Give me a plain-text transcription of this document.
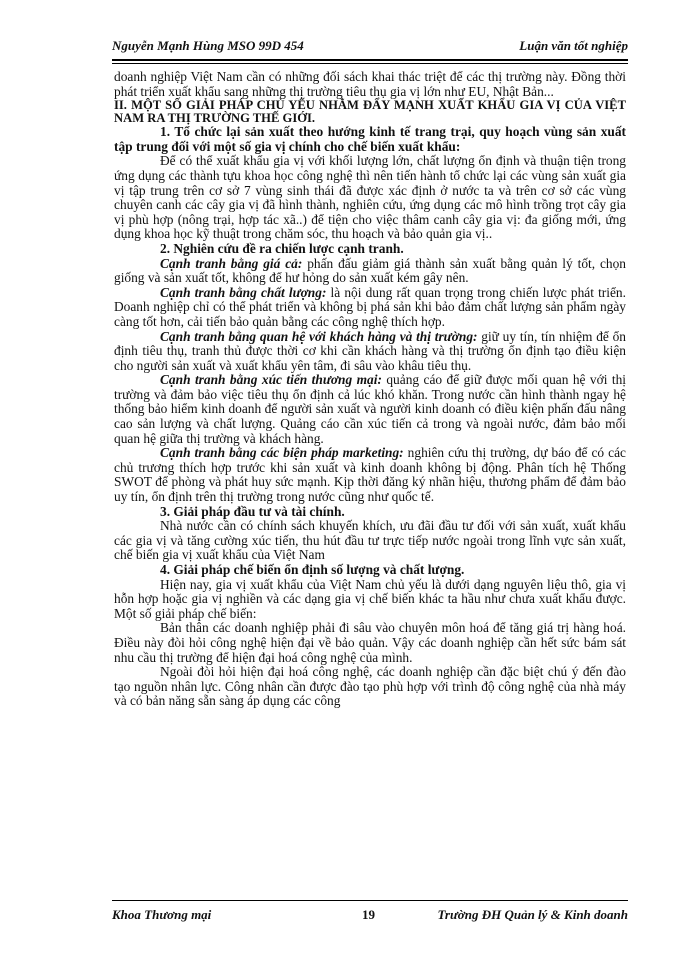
Nguyễn Mạnh Hùng MSO 99D 454	Luận văn tốt nghiệp

doanh nghiệp Việt Nam cần có những đối sách khai thác triệt để các thị trường này. Đồng thời phát triển xuất khẩu sang những thị trường tiêu thụ gia vị lớn như EU, Nhật Bản...

II. MỘT SỐ GIẢI PHÁP CHỦ YẾU NHẰM ĐẨY MẠNH XUẤT KHẨU GIA VỊ CỦA VIỆT NAM RA THỊ TRƯỜNG THẾ GIỚI.

1. Tổ chức lại sản xuất theo hướng kinh tế trang trại, quy hoạch vùng sản xuất tập trung đối với một số gia vị chính cho chế biến xuất khẩu:

Để có thể xuất khẩu gia vị với khối lượng lớn, chất lượng ổn định và thuận tiện trong ứng dụng các thành tựu khoa học công nghệ thì nên tiến hành tổ chức lại các vùng sản xuất gia vị tập trung trên cơ sở 7 vùng sinh thái đã được xác định ở nước ta và trên cơ sở các vùng chuyên canh các cây gia vị đã hình thành, nghiên cứu, ứng dụng các mô hình trồng trọt cây gia vị phù hợp (nông trại, hợp tác xã..) để tiện cho việc thâm canh cây gia vị: đa giống mới, ứng dụng khoa học kỹ thuật trong chăm sóc, thu hoạch và bảo quản gia vị..

2. Nghiên cứu đề ra chiến lược cạnh tranh.

Cạnh tranh bằng giá cả: phấn đấu giảm giá thành sản xuất bằng quản lý tốt, chọn giống và sản xuất tốt, không để hư hỏng do sản xuất kém gây nên.

Cạnh tranh bằng chất lượng: là nội dung rất quan trọng trong chiến lược phát triển. Doanh nghiệp chỉ có thể phát triển và không bị phá sản khi bảo đảm chất lượng sản phẩm ngày càng tốt hơn, cải tiến bảo quản bằng các công nghệ thích hợp.

Cạnh tranh bằng quan hệ với khách hàng và thị trường: giữ uy tín, tín nhiệm để ổn định tiêu thụ, tranh thủ được thời cơ khi cần khách hàng và thị trường ổn định tạo điều kiện cho người sản xuất và xuất khẩu yên tâm, đi sâu vào khâu tiêu thụ.

Cạnh tranh bằng xúc tiến thương mại: quảng cáo để giữ được mối quan hệ với thị trường và đảm bảo việc tiêu thụ ổn định cả lúc khó khăn. Trong nước cần hình thành ngay hệ thống bảo hiểm kinh doanh để người sản xuất và người kinh doanh có điều kiện phấn đấu nâng cao sản lượng và chất lượng. Quảng cáo cần xúc tiến cả trong và ngoài nước, đảm bảo mối quan hệ giữa thị trường và khách hàng.

Cạnh tranh bằng các biện pháp marketing: nghiên cứu thị trường, dự báo để có các chủ trương thích hợp trước khi sản xuất và kinh doanh không bị động. Phân tích hệ Thống SWOT để phòng và phát huy sức mạnh. Kịp thời đăng ký nhãn hiệu, thương phẩm để đảm bảo uy tín, ổn định trên thị trường trong nước cũng như quốc tế.

3. Giải pháp đầu tư và tài chính.

Nhà nước cần có chính sách khuyến khích, ưu đãi đầu tư đối với sản xuất, xuất khẩu các gia vị và tăng cường xúc tiến, thu hút đầu tư trực tiếp nước ngoài trong lĩnh vực sản xuất, chế biến gia vị xuất khẩu của Việt Nam

4. Giải pháp chế biến ổn định số lượng và chất lượng.

Hiện nay, gia vị xuất khẩu của Việt Nam chủ yếu là dưới dạng nguyên liệu thô, gia vị hỗn hợp hoặc gia vị nghiền và các dạng gia vị chế biến khác ta hầu như chưa xuất khẩu được. Một số giải pháp chế biến:

Bản thân các doanh nghiệp phải đi sâu vào chuyên môn hoá để tăng giá trị hàng hoá. Điều này đòi hỏi công nghệ hiện đại về bảo quản. Vậy các doanh nghiệp cần hết sức bám sát nhu cầu thị trường để hiện đại hoá công nghệ của mình.

Ngoài đòi hỏi hiện đại hoá công nghệ, các doanh nghiệp cần đặc biệt chú ý đến đào tạo nguồn nhân lực. Công nhân cần được đào tạo phù hợp với trình độ công nghệ của nhà máy và có bản năng sẵn sàng áp dụng các công

Khoa Thương mại	19	Trường ĐH Quản lý & Kinh doanh
